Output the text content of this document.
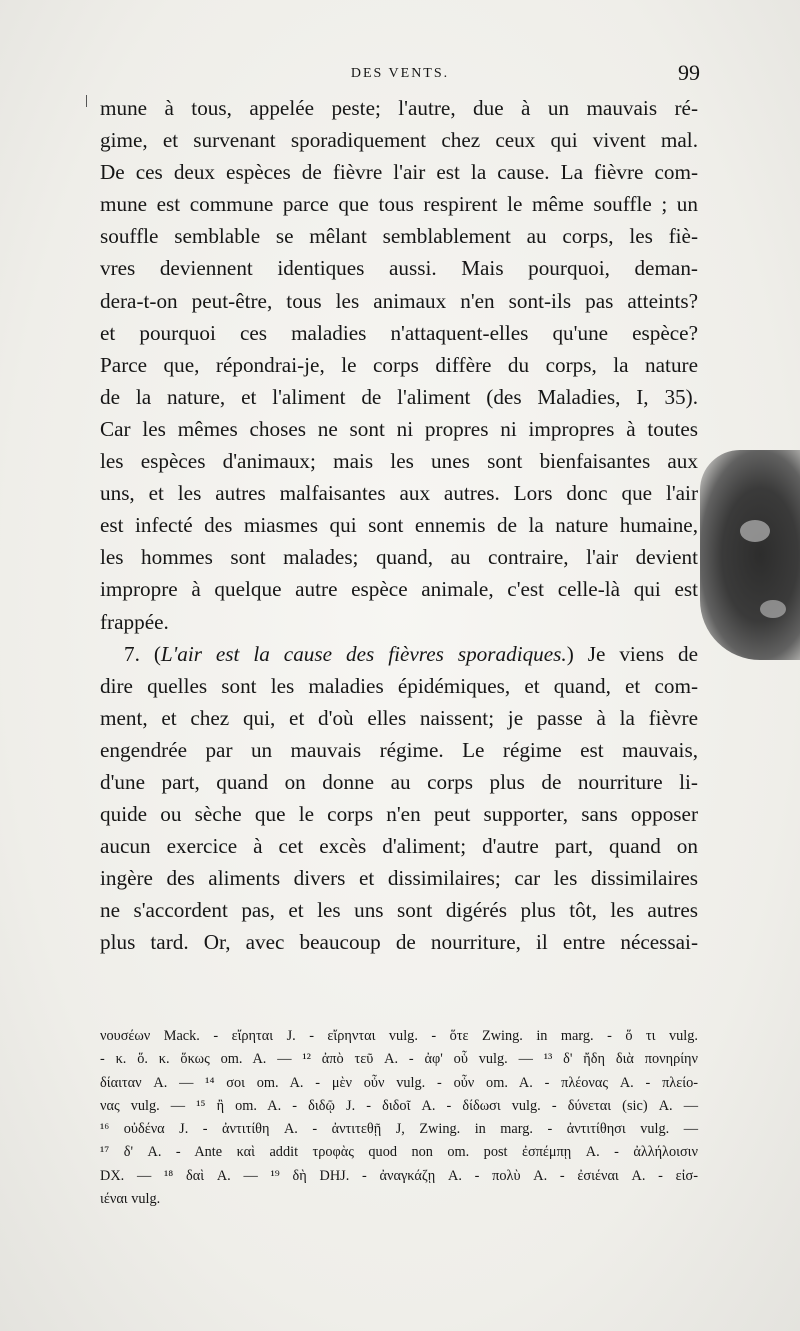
DES VENTS.	99
mune à tous, appelée peste; l'autre, due à un mauvais ré-
gime, et survenant sporadiquement chez ceux qui vivent mal.
De ces deux espèces de fièvre l'air est la cause. La fièvre com-
mune est commune parce que tous respirent le même souffle ; un
souffle semblable se mêlant semblablement au corps, les fiè-
vres deviennent identiques aussi. Mais pourquoi, deman-
dera-t-on peut-être, tous les animaux n'en sont-ils pas atteints?
et pourquoi ces maladies n'attaquent-elles qu'une espèce?
Parce que, répondrai-je, le corps diffère du corps, la nature
de la nature, et l'aliment de l'aliment (des Maladies, I, 35).
Car les mêmes choses ne sont ni propres ni impropres à toutes
les espèces d'animaux; mais les unes sont bienfaisantes aux
uns, et les autres malfaisantes aux autres. Lors donc que l'air
est infecté des miasmes qui sont ennemis de la nature humaine,
les hommes sont malades; quand, au contraire, l'air devient
impropre à quelque autre espèce animale, c'est celle-là qui est
frappée.
7. (L'air est la cause des fièvres sporadiques.) Je viens de
dire quelles sont les maladies épidémiques, et quand, et com-
ment, et chez qui, et d'où elles naissent; je passe à la fièvre
engendrée par un mauvais régime. Le régime est mauvais,
d'une part, quand on donne au corps plus de nourriture li-
quide ou sèche que le corps n'en peut supporter, sans opposer
aucun exercice à cet excès d'aliment; d'autre part, quand on
ingère des aliments divers et dissimilaires; car les dissimilaires
ne s'accordent pas, et les uns sont digérés plus tôt, les autres
plus tard. Or, avec beaucoup de nourriture, il entre nécessai-
νουσέων Mack. - εἴρηται J. - εἴρηνται vulg. - ὅτε Zwing. in marg. - ὅ τι vulg.
- κ. ὅ. κ. ὅκως om. A. — ¹² ἀπὸ τεῦ A. - ἀφ' οὗ vulg. — ¹³ δ' ἤδη διὰ πονηρίην
δίαιταν A. — ¹⁴ σοι om. A. - μὲν οὖν vulg. - οὖν om. A. - πλέονας A. - πλείο-
νας vulg. — ¹⁵ ἢ om. A. - διδῷ J. - διδοῖ A. - δίδωσι vulg. - δύνεται (sic) A. —
¹⁶ οὐδένα J. - ἀντιτίθη A. - ἀντιτεθῇ J, Zwing. in marg. - ἀντιτίθησι vulg. —
¹⁷ δ' A. - Ante καὶ addit τροφὰς quod non om. post ἐσπέμπῃ A. - ἀλλήλοισιν
DX. — ¹⁸ δαὶ A. — ¹⁹ δὴ DHJ. - ἀναγκάζῃ A. - πολὺ A. - ἐσιέναι A. - εἰσ-
ιέναι vulg.
